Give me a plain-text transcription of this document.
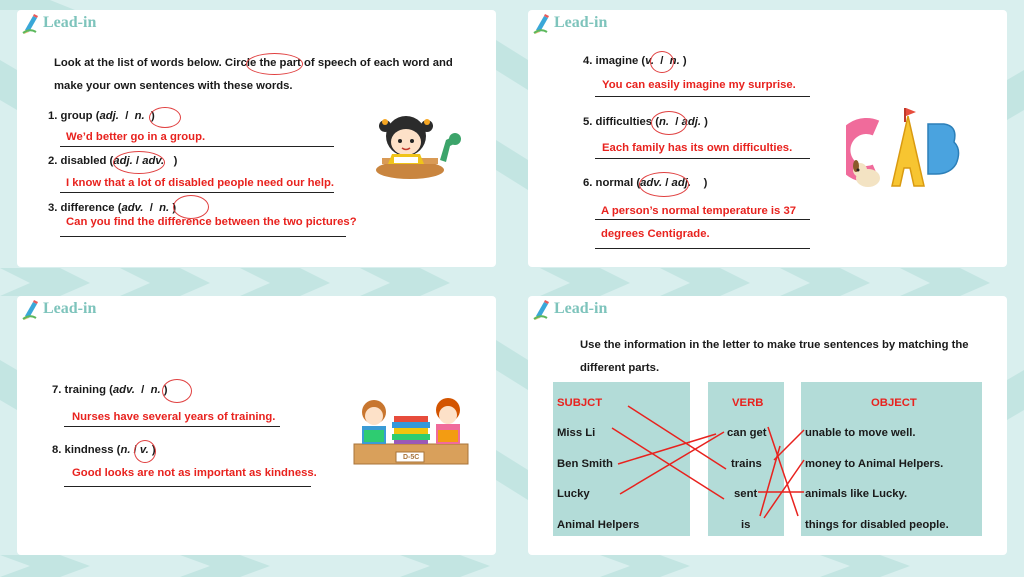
Lead-in
Look at the list of words below. Circle the part of speech of each word and
make your own sentences with these words.
1. group (adj. / n. )
We’d better go in a group.
2. disabled (adj. / adv. )
I know that a lot of disabled people need our help.
3. difference (adv. / n. )
Can you find the difference between the two pictures?
Lead-in
4. imagine (v. / n. )
You can easily imagine my surprise.
5. difficulties (n. / adj. )
Each family has its own difficulties.
6. normal (adv. / adj. )
A person’s normal temperature is 37
degrees Centigrade.
Lead-in
7. training (adv. / n. )
Nurses have several years of training.
8. kindness (n. / v. )
Good looks are not as important as kindness.
D-5C
Lead-in
Use the information in the letter to make true sentences by matching the
different parts.
SUBJCT	VERB	OBJECT
Miss Li
Ben Smith
Lucky
Animal Helpers
can get
trains
sent
is
unable to move well.
money to Animal Helpers.
animals like Lucky.
things for disabled people.
